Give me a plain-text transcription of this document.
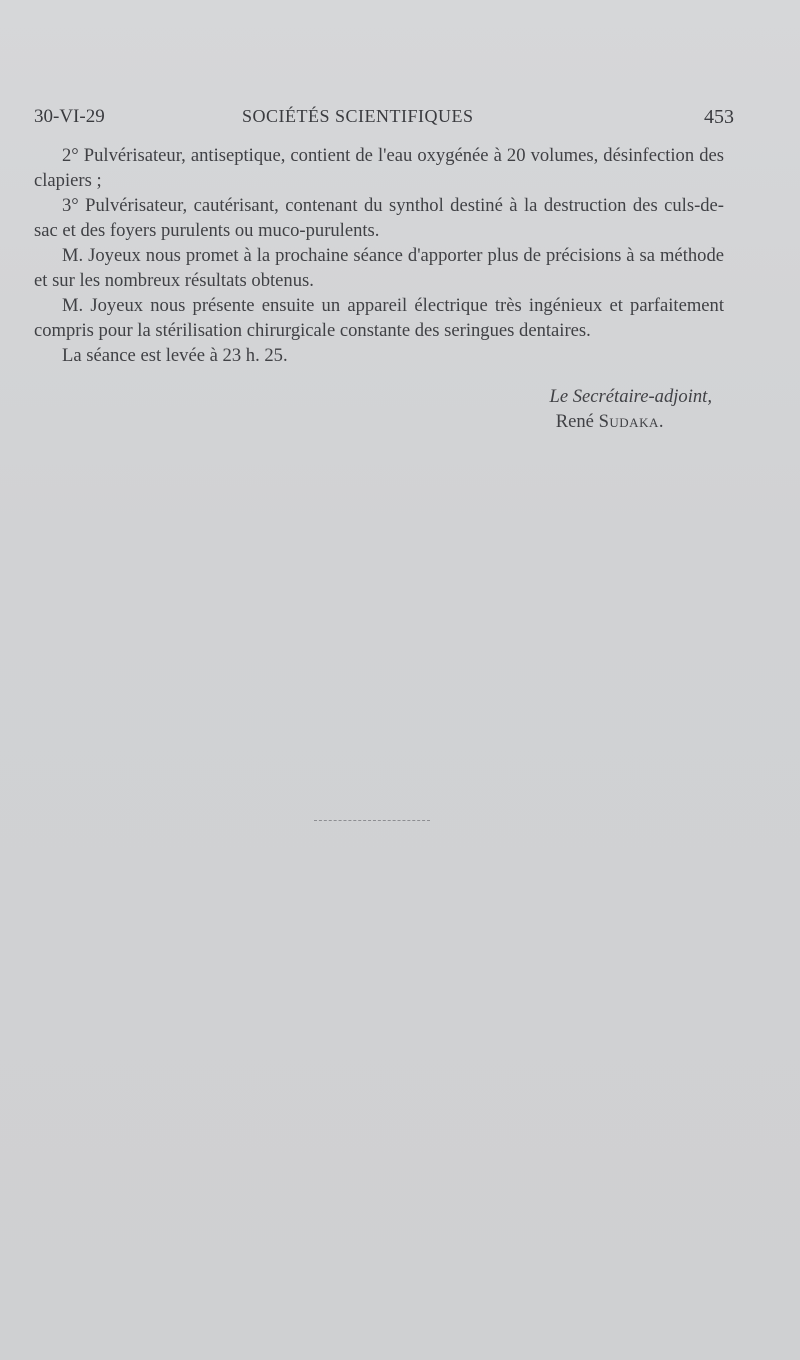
30-VI-29	SOCIÉTÉS SCIENTIFIQUES	453

2° Pulvérisateur, antiseptique, contient de l'eau oxygénée à 20 volumes, désinfection des clapiers ;

3° Pulvérisateur, cautérisant, contenant du synthol destiné à la destruction des culs-de-sac et des foyers purulents ou muco-purulents.

M. Joyeux nous promet à la prochaine séance d'apporter plus de précisions à sa méthode et sur les nombreux résultats obtenus.

M. Joyeux nous présente ensuite un appareil électrique très ingénieux et parfaitement compris pour la stérilisation chirurgicale constante des seringues dentaires.

La séance est levée à 23 h. 25.

Le Secrétaire-adjoint,
René Sudaka.
